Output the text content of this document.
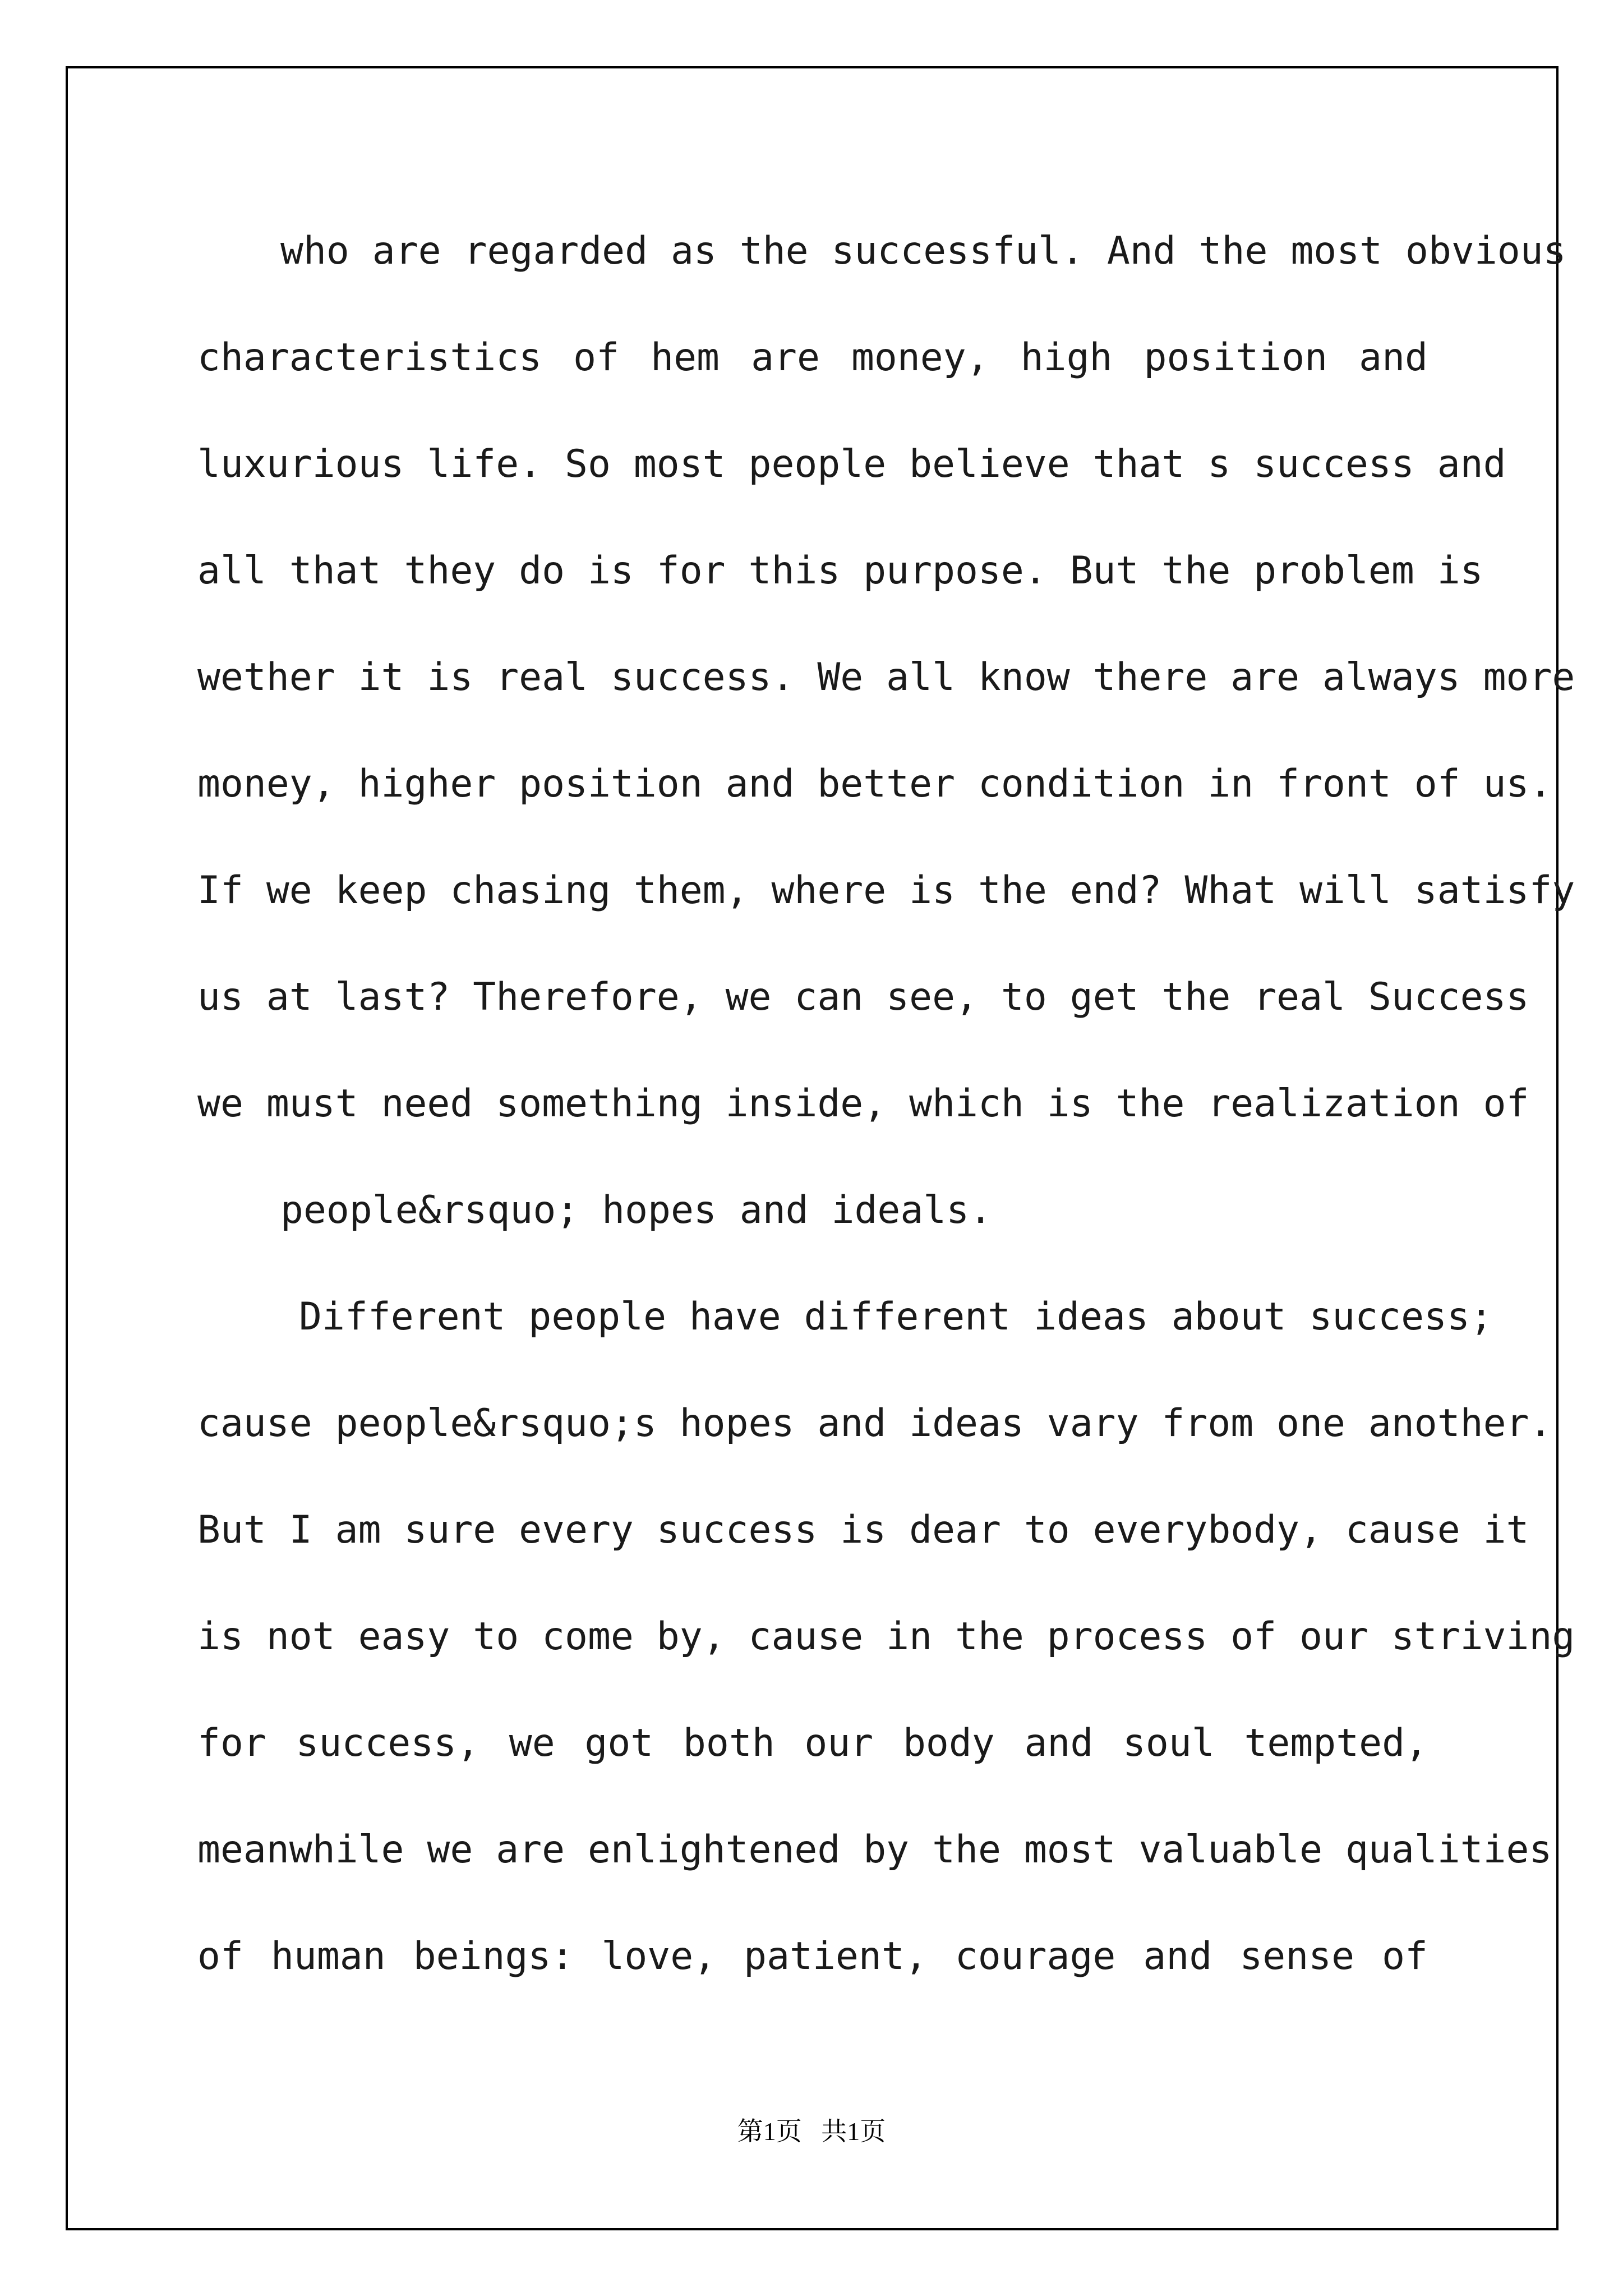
who are regarded as the successful. And the most obvious
characteristics of hem are money, high position and
luxurious life. So most people believe that s success and
all that they do is for this purpose. But the problem is
wether it is real success. We all know there are always more
money, higher position and better condition in front of us.
If we keep chasing them, where is the end? What will satisfy
us at last? Therefore, we can see, to get the real Success
we must need something inside, which is the realization of
people&rsquo; hopes and ideals.
Different people have different ideas about success;
cause people&rsquo;s hopes and ideas vary from one another.
But I am sure every success is dear to everybody, cause it
is not easy to come by, cause in the process of our striving
for success, we got both our body and soul tempted,
meanwhile we are enlightened by the most valuable qualities
of human beings: love, patient, courage and sense of
第1页   共1页
